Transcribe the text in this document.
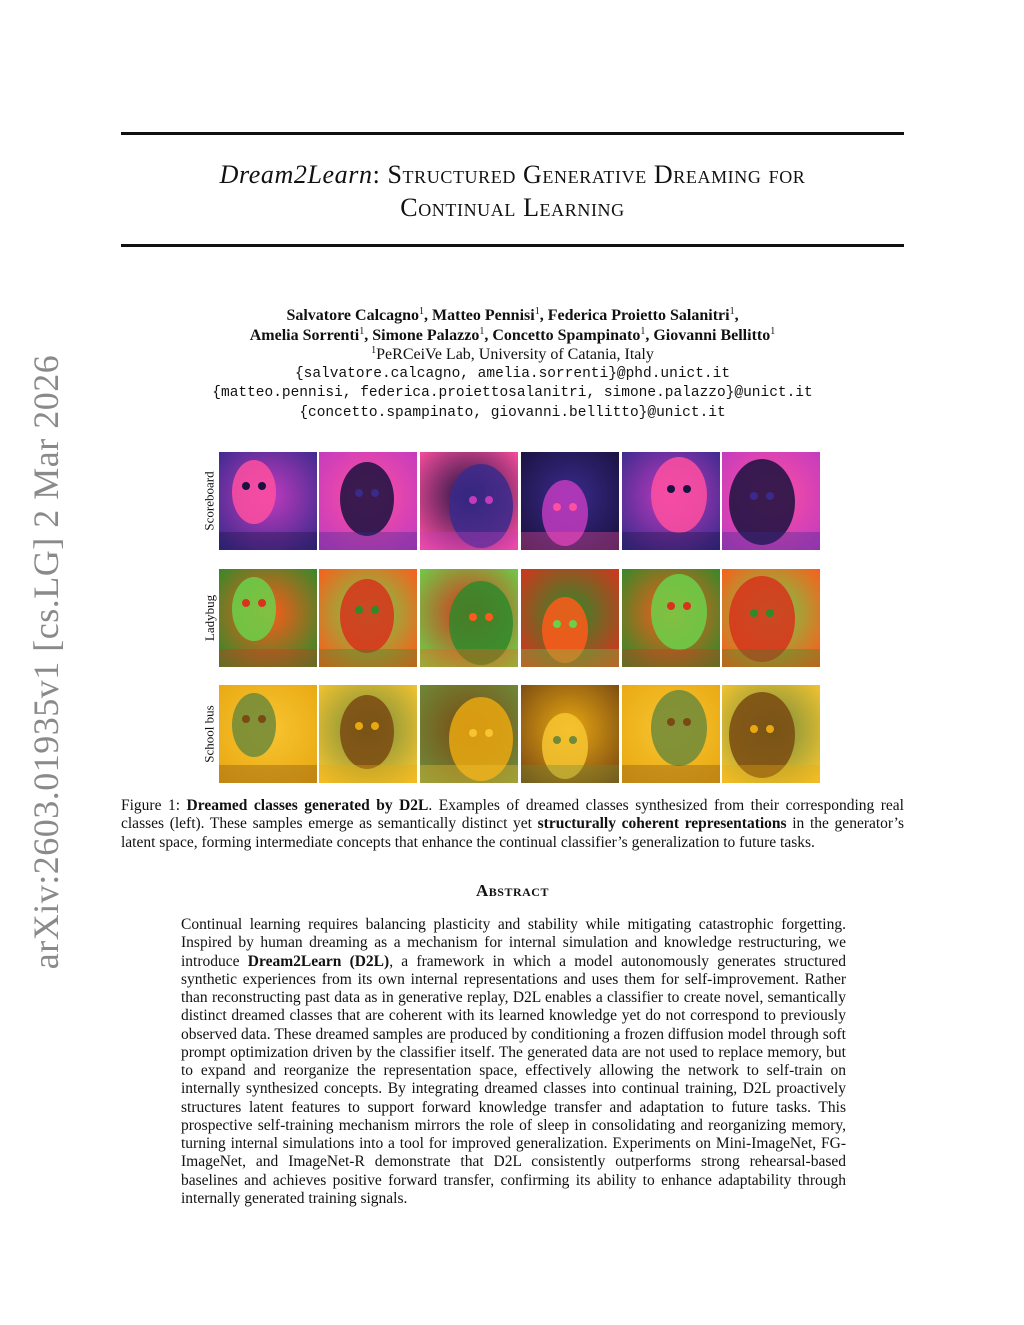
arXiv:2603.01935v1 [cs.LG] 2 Mar 2026
Dream2Learn: Structured Generative Dreaming for
Continual Learning
Salvatore Calcagno$^1$, Matteo Pennisi$^1$, Federica Proietto Salanitri$^1$,
Amelia Sorrenti$^1$, Simone Palazzo$^1$, Concetto Spampinato$^1$, Giovanni Bellitto$^1$
$^1$PeRCeiVe Lab, University of Catania, Italy
{salvatore.calcagno, amelia.sorrenti}@phd.unict.it
{matteo.pennisi, federica.proiettosalanitri, simone.palazzo}@unict.it
{concetto.spampinato, giovanni.bellitto}@unict.it
Scoreboard
Ladybug
School bus
Figure 1: Dreamed classes generated by D2L. Examples of dreamed classes synthesized from their corresponding real classes (left). These samples emerge as semantically distinct yet structurally coherent representations in the generator’s latent space, forming intermediate concepts that enhance the continual classifier’s generalization to future tasks.
Abstract
Continual learning requires balancing plasticity and stability while mitigating catastrophic forgetting. Inspired by human dreaming as a mechanism for internal simulation and knowledge restructuring, we introduce Dream2Learn (D2L), a framework in which a model autonomously generates structured synthetic experiences from its own internal representations and uses them for self-improvement. Rather than reconstructing past data as in generative replay, D2L enables a classifier to create novel, semantically distinct dreamed classes that are coherent with its learned knowledge yet do not correspond to previously observed data. These dreamed samples are produced by conditioning a frozen diffusion model through soft prompt optimization driven by the classifier itself. The generated data are not used to replace memory, but to expand and reorganize the representation space, effectively allowing the network to self-train on internally synthesized concepts. By integrating dreamed classes into continual training, D2L proactively structures latent features to support forward knowledge transfer and adaptation to future tasks. This prospective self-training mechanism mirrors the role of sleep in consolidating and reorganizing memory, turning internal simulations into a tool for improved generalization. Experiments on Mini-ImageNet, FG-ImageNet, and ImageNet-R demonstrate that D2L consistently outperforms strong rehearsal-based baselines and achieves positive forward transfer, confirming its ability to enhance adaptability through internally generated training signals.
